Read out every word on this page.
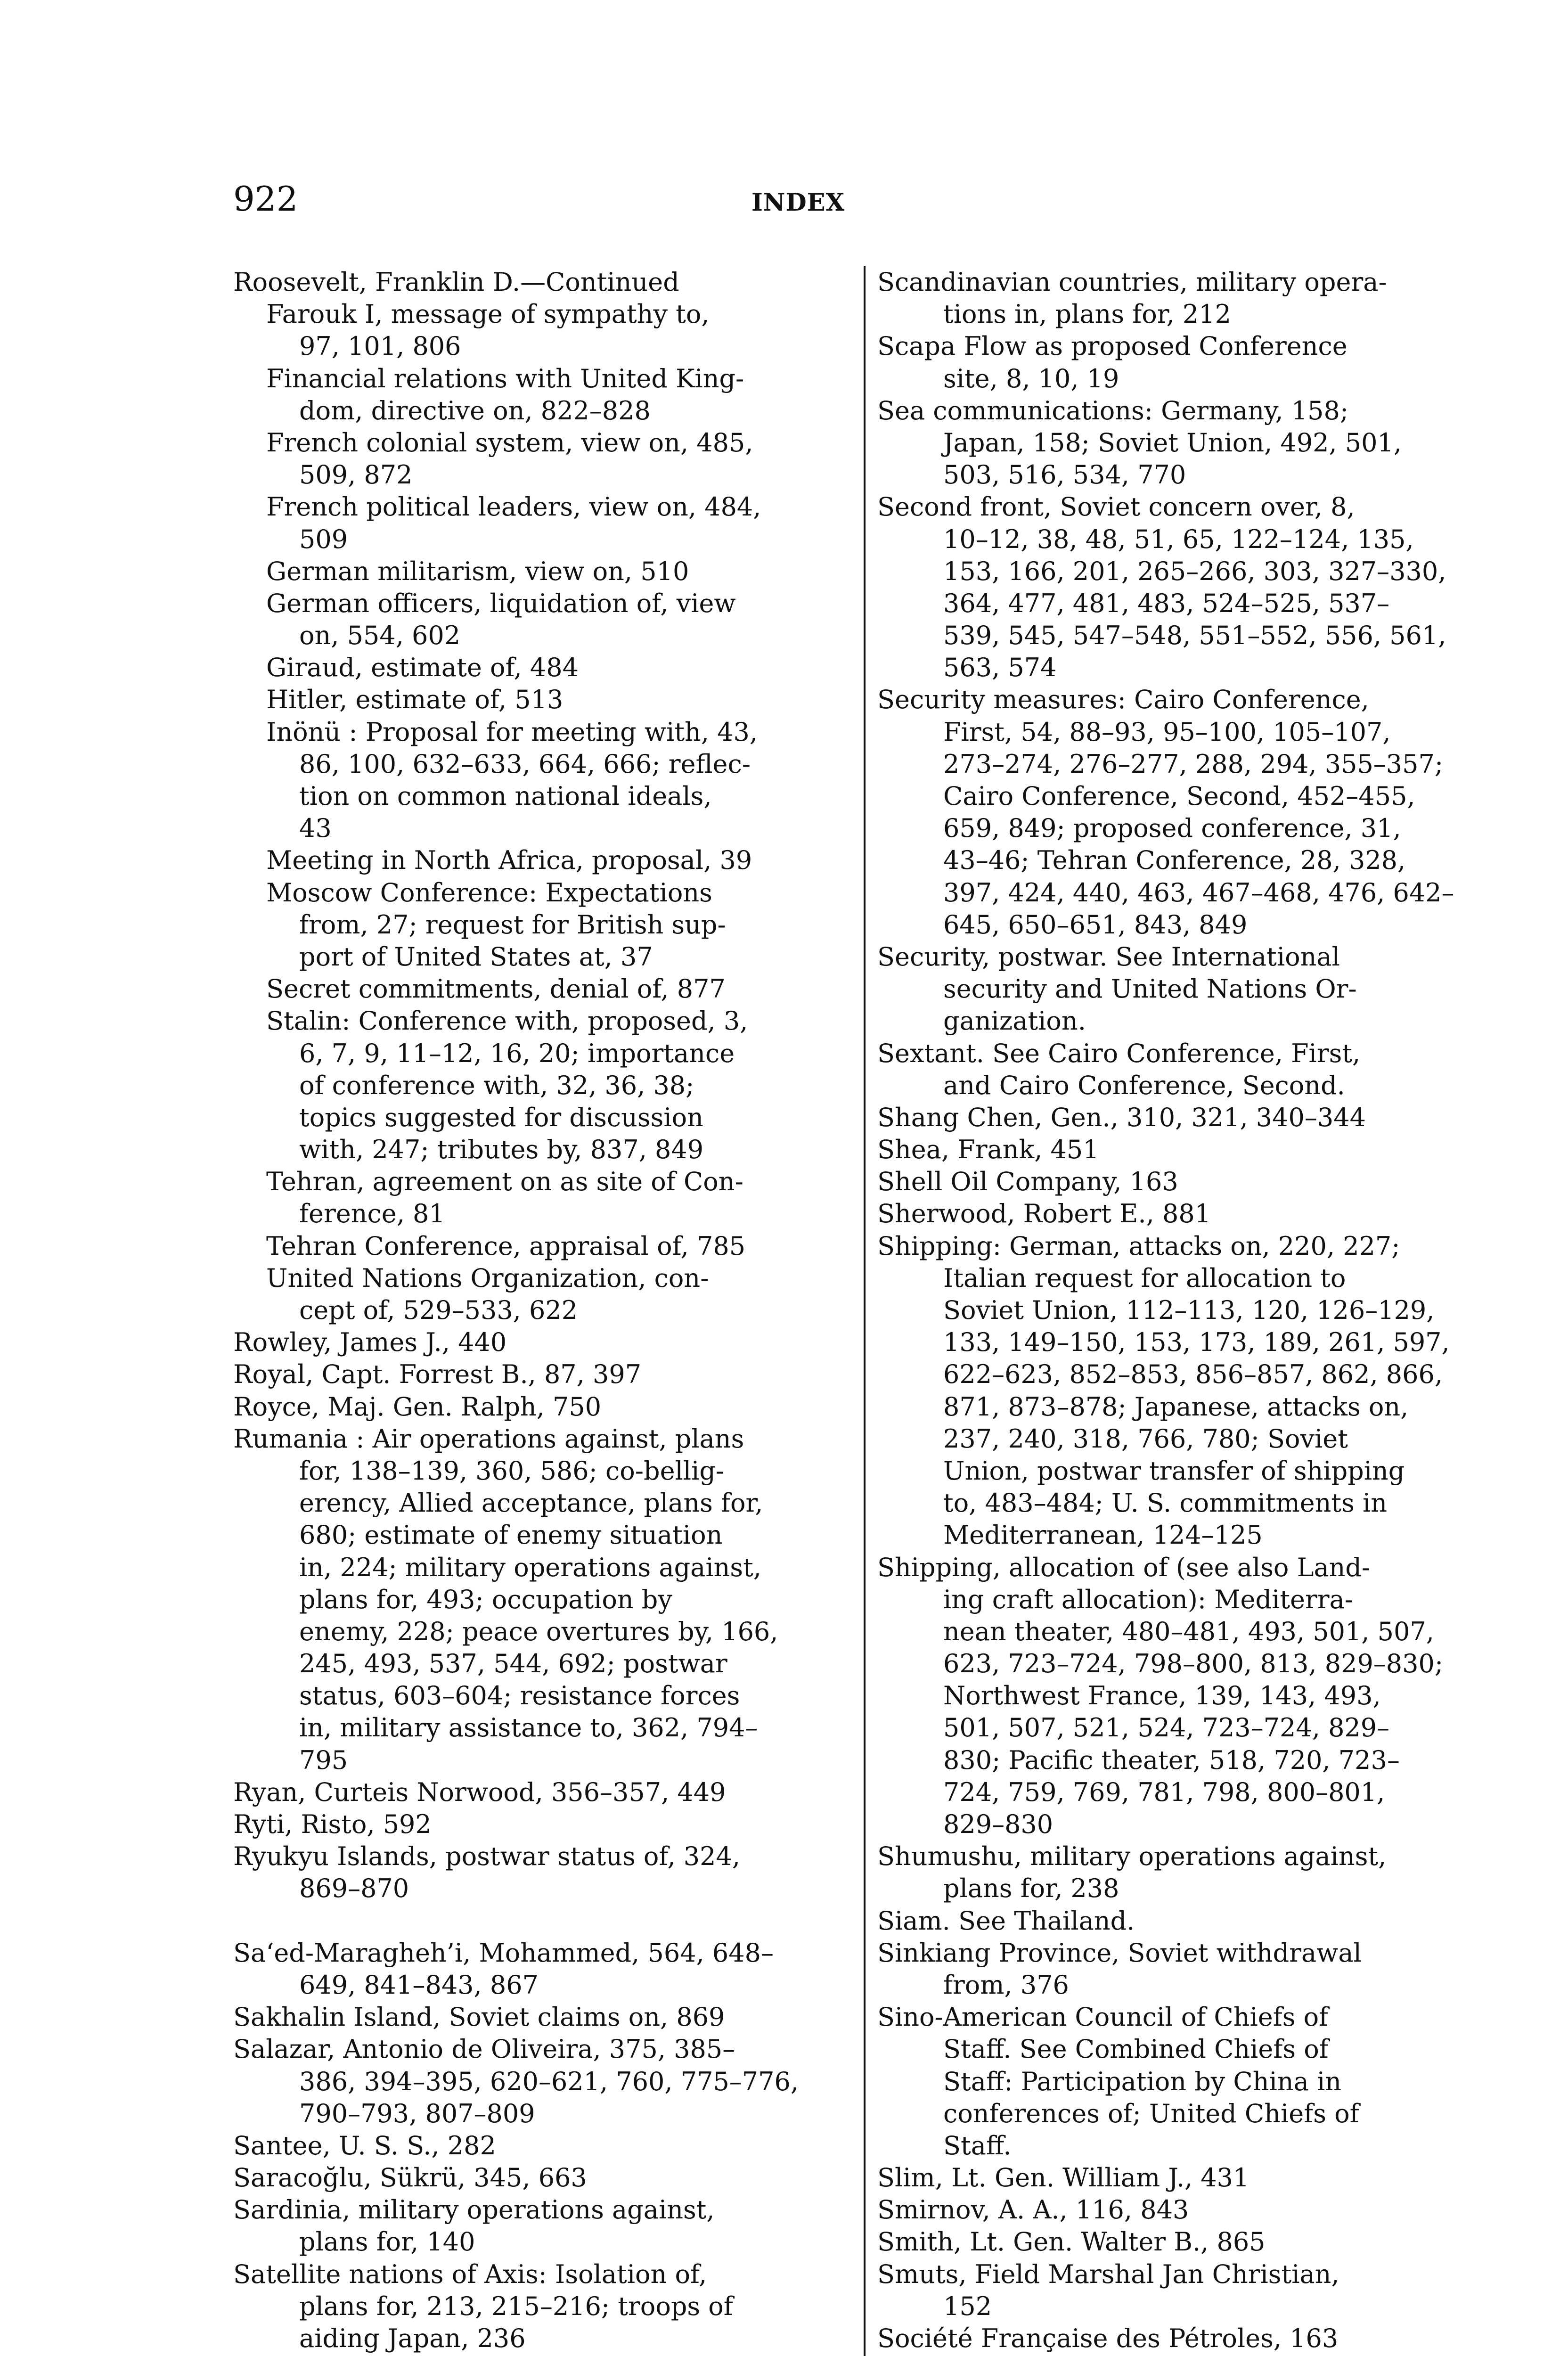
922	INDEX
Roosevelt, Franklin D.—Continued
Farouk I, message of sympathy to,
97, 101, 806
Financial relations with United King-
dom, directive on, 822–828
French colonial system, view on, 485,
509, 872
French political leaders, view on, 484,
509
German militarism, view on, 510
German officers, liquidation of, view
on, 554, 602
Giraud, estimate of, 484
Hitler, estimate of, 513
Inönü : Proposal for meeting with, 43,
86, 100, 632–633, 664, 666; reflec-
tion on common national ideals,
43
Meeting in North Africa, proposal, 39
Moscow Conference: Expectations
from, 27; request for British sup-
port of United States at, 37
Secret commitments, denial of, 877
Stalin: Conference with, proposed, 3,
6, 7, 9, 11–12, 16, 20; importance
of conference with, 32, 36, 38;
topics suggested for discussion
with, 247; tributes by, 837, 849
Tehran, agreement on as site of Con-
ference, 81
Tehran Conference, appraisal of, 785
United Nations Organization, con-
cept of, 529–533, 622
Rowley, James J., 440
Royal, Capt. Forrest B., 87, 397
Royce, Maj. Gen. Ralph, 750
Rumania : Air operations against, plans
for, 138–139, 360, 586; co-bellig-
erency, Allied acceptance, plans for,
680; estimate of enemy situation
in, 224; military operations against,
plans for, 493; occupation by
enemy, 228; peace overtures by, 166,
245, 493, 537, 544, 692; postwar
status, 603–604; resistance forces
in, military assistance to, 362, 794–
795
Ryan, Curteis Norwood, 356–357, 449
Ryti, Risto, 592
Ryukyu Islands, postwar status of, 324,
869–870
Sa‘ed-Maragheh’i, Mohammed, 564, 648–
649, 841–843, 867
Sakhalin Island, Soviet claims on, 869
Salazar, Antonio de Oliveira, 375, 385–
386, 394–395, 620–621, 760, 775–776,
790–793, 807–809
Santee, U. S. S., 282
Saracoğlu, Sükrü, 345, 663
Sardinia, military operations against,
plans for, 140
Satellite nations of Axis: Isolation of,
plans for, 213, 215–216; troops of
aiding Japan, 236
Scandinavian countries, military opera-
tions in, plans for, 212
Scapa Flow as proposed Conference
site, 8, 10, 19
Sea communications: Germany, 158;
Japan, 158; Soviet Union, 492, 501,
503, 516, 534, 770
Second front, Soviet concern over, 8,
10–12, 38, 48, 51, 65, 122–124, 135,
153, 166, 201, 265–266, 303, 327–330,
364, 477, 481, 483, 524–525, 537–
539, 545, 547–548, 551–552, 556, 561,
563, 574
Security measures: Cairo Conference,
First, 54, 88–93, 95–100, 105–107,
273–274, 276–277, 288, 294, 355–357;
Cairo Conference, Second, 452–455,
659, 849; proposed conference, 31,
43–46; Tehran Conference, 28, 328,
397, 424, 440, 463, 467–468, 476, 642–
645, 650–651, 843, 849
Security, postwar. See International
security and United Nations Or-
ganization.
Sextant. See Cairo Conference, First,
and Cairo Conference, Second.
Shang Chen, Gen., 310, 321, 340–344
Shea, Frank, 451
Shell Oil Company, 163
Sherwood, Robert E., 881
Shipping: German, attacks on, 220, 227;
Italian request for allocation to
Soviet Union, 112–113, 120, 126–129,
133, 149–150, 153, 173, 189, 261, 597,
622–623, 852–853, 856–857, 862, 866,
871, 873–878; Japanese, attacks on,
237, 240, 318, 766, 780; Soviet
Union, postwar transfer of shipping
to, 483–484; U. S. commitments in
Mediterranean, 124–125
Shipping, allocation of (see also Land-
ing craft allocation): Mediterra-
nean theater, 480–481, 493, 501, 507,
623, 723–724, 798–800, 813, 829–830;
Northwest France, 139, 143, 493,
501, 507, 521, 524, 723–724, 829–
830; Pacific theater, 518, 720, 723–
724, 759, 769, 781, 798, 800–801,
829–830
Shumushu, military operations against,
plans for, 238
Siam. See Thailand.
Sinkiang Province, Soviet withdrawal
from, 376
Sino-American Council of Chiefs of
Staff. See Combined Chiefs of
Staff: Participation by China in
conferences of; United Chiefs of
Staff.
Slim, Lt. Gen. William J., 431
Smirnov, A. A., 116, 843
Smith, Lt. Gen. Walter B., 865
Smuts, Field Marshal Jan Christian,
152
Société Française des Pétroles, 163
